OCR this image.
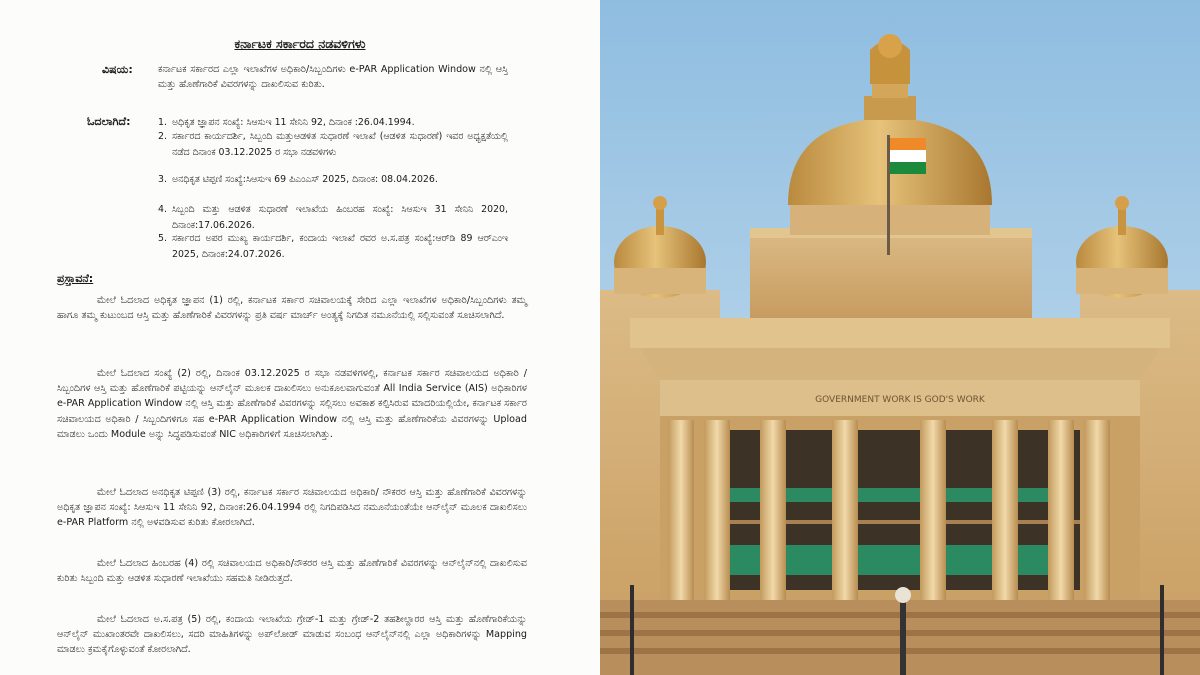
ಕರ್ನಾಟಕ ಸರ್ಕಾರದ ನಡವಳಿಗಳು
ವಿಷಯ:	ಕರ್ನಾಟಕ ಸರ್ಕಾರದ ಎಲ್ಲಾ ಇಲಾಖೆಗಳ ಅಧಿಕಾರಿ/ಸಿಬ್ಬಂದಿಗಳು e-PAR Application Window ನಲ್ಲಿ ಆಸ್ತಿ ಮತ್ತು ಹೊಣೆಗಾರಿಕೆ ವಿವರಗಳನ್ನು ದಾಖಲಿಸುವ ಕುರಿತು.
ಓದಲಾಗಿದೆ:	1. ಅಧಿಕೃತ ಜ್ಞಾಪನ ಸಂಖ್ಯೆ: ಸಿಆಸುಇ 11 ಸೇನಿನಿ 92, ದಿನಾಂಕ :26.04.1994.
2. ಸರ್ಕಾರದ ಕಾರ್ಯದರ್ಶಿ, ಸಿಬ್ಬಂದಿ ಮತ್ತುಆಡಳಿತ ಸುಧಾರಣೆ ಇಲಾಖೆ (ಆಡಳಿತ ಸುಧಾರಣೆ) ಇವರ ಅಧ್ಯಕ್ಷತೆಯಲ್ಲಿ ನಡೆದ ದಿನಾಂಕ 03.12.2025 ರ ಸಭಾ ನಡವಳಿಗಳು
3. ಅನಧಿಕೃತ ಟಿಪ್ಪಣಿ ಸಂಖ್ಯೆ:ಸಿಆಸುಇ 69 ಪಿಎಂಎಸ್ 2025, ದಿನಾಂಕ: 08.04.2026.
4. ಸಿಬ್ಬಂದಿ ಮತ್ತು ಆಡಳಿತ ಸುಧಾರಣೆ ಇಲಾಖೆಯ ಹಿಂಬರಹ ಸಂಖ್ಯೆ: ಸಿಆಸುಇ 31 ಸೇನಿನಿ 2020, ದಿನಾಂಕ:17.06.2026.
5. ಸರ್ಕಾರದ ಅಪರ ಮುಖ್ಯ ಕಾರ್ಯದರ್ಶಿ, ಕಂದಾಯ ಇಲಾಖೆ ರವರ ಅ.ಸ.ಪತ್ರ ಸಂಖ್ಯೆ:ಆರ್‌ಡಿ 89 ಆರ್‌ಎಂಇ 2025, ದಿನಾಂಕ:24.07.2026.
ಪ್ರಸ್ತಾವನೆ:
ಮೇಲೆ ಓದಲಾದ ಅಧಿಕೃತ ಜ್ಞಾಪನ (1) ರಲ್ಲಿ, ಕರ್ನಾಟಕ ಸರ್ಕಾರ ಸಚಿವಾಲಯಕ್ಕೆ ಸೇರಿದ ಎಲ್ಲಾ ಇಲಾಖೆಗಳ ಅಧಿಕಾರಿ/ಸಿಬ್ಬಂದಿಗಳು ತಮ್ಮ ಹಾಗೂ ತಮ್ಮ ಕುಟುಂಬದ ಆಸ್ತಿ ಮತ್ತು ಹೊಣೆಗಾರಿಕೆ ವಿವರಗಳನ್ನು ಪ್ರತಿ ವರ್ಷ ಮಾರ್ಚ್ ಅಂತ್ಯಕ್ಕೆ ನಿಗದಿತ ನಮೂನೆಯಲ್ಲಿ ಸಲ್ಲಿಸುವಂತೆ ಸೂಚಿಸಲಾಗಿದೆ.
ಮೇಲೆ ಓದಲಾದ ಸಂಖ್ಯೆ (2) ರಲ್ಲಿ, ದಿನಾಂಕ 03.12.2025 ರ ಸಭಾ ನಡವಳಿಗಳಲ್ಲಿ, ಕರ್ನಾಟಕ ಸರ್ಕಾರ ಸಚಿವಾಲಯದ ಅಧಿಕಾರಿ / ಸಿಬ್ಬಂದಿಗಳ ಆಸ್ತಿ ಮತ್ತು ಹೊಣೆಗಾರಿಕೆ ಪಟ್ಟಿಯನ್ನು ಆನ್‌ಲೈನ್ ಮೂಲಕ ದಾಖಲಿಸಲು ಅನುಕೂಲವಾಗುವಂತೆ All India Service (AIS) ಅಧಿಕಾರಿಗಳ e-PAR Application Window ನಲ್ಲಿ ಆಸ್ತಿ ಮತ್ತು ಹೊಣೆಗಾರಿಕೆ ವಿವರಗಳನ್ನು ಸಲ್ಲಿಸಲು ಅವಕಾಶ ಕಲ್ಪಿಸಿರುವ ಮಾದರಿಯಲ್ಲಿಯೇ, ಕರ್ನಾಟಕ ಸರ್ಕಾರ ಸಚಿವಾಲಯದ ಅಧಿಕಾರಿ / ಸಿಬ್ಬಂದಿಗಳಿಗೂ ಸಹ e-PAR Application Window ನಲ್ಲಿ ಆಸ್ತಿ ಮತ್ತು ಹೊಣೆಗಾರಿಕೆಯ ವಿವರಗಳನ್ನು Upload ಮಾಡಲು ಒಂದು Module ಅನ್ನು ಸಿದ್ಧಪಡಿಸುವಂತೆ NIC ಅಧಿಕಾರಿಗಳಿಗೆ ಸೂಚಿಸಲಾಗಿತ್ತು.
ಮೇಲೆ ಓದಲಾದ ಅನಧಿಕೃತ ಟಿಪ್ಪಣಿ (3) ರಲ್ಲಿ, ಕರ್ನಾಟಕ ಸರ್ಕಾರ ಸಚಿವಾಲಯದ ಅಧಿಕಾರಿ/ ನೌಕರರ ಆಸ್ತಿ ಮತ್ತು ಹೊಣೆಗಾರಿಕೆ ವಿವರಗಳನ್ನು ಅಧಿಕೃತ ಜ್ಞಾಪನ ಸಂಖ್ಯೆ: ಸಿಆಸುಇ 11 ಸೇನಿನಿ 92, ದಿನಾಂಕ:26.04.1994 ರಲ್ಲಿ ನಿಗದಿಪಡಿಸಿದ ನಮೂನೆಯಂತೆಯೇ ಆನ್‌ಲೈನ್ ಮೂಲಕ ದಾಖಲಿಸಲು e-PAR Platform ನಲ್ಲಿ ಅಳವಡಿಸುವ ಕುರಿತು ಕೋರಲಾಗಿದೆ.
ಮೇಲೆ ಓದಲಾದ ಹಿಂಬರಹ (4) ರಲ್ಲಿ ಸಚಿವಾಲಯದ ಅಧಿಕಾರಿ/ನೌಕರರ ಆಸ್ತಿ ಮತ್ತು ಹೊಣೆಗಾರಿಕೆ ವಿವರಗಳನ್ನು ಆನ್‌ಲೈನ್‌ನಲ್ಲಿ ದಾಖಲಿಸುವ ಕುರಿತು ಸಿಬ್ಬಂದಿ ಮತ್ತು ಆಡಳಿತ ಸುಧಾರಣೆ ಇಲಾಖೆಯು ಸಹಮತಿ ನೀಡಿರುತ್ತದೆ.
ಮೇಲೆ ಓದಲಾದ ಅ.ಸ.ಪತ್ರ (5) ರಲ್ಲಿ, ಕಂದಾಯ ಇಲಾಖೆಯ ಗ್ರೇಡ್-1 ಮತ್ತು ಗ್ರೇಡ್-2 ತಹಶೀಲ್ದಾರರ ಆಸ್ತಿ ಮತ್ತು ಹೊಣೆಗಾರಿಕೆಯನ್ನು ಆನ್‌ಲೈನ್ ಮುಖಾಂತರವೇ ದಾಖಲಿಸಲು, ಸದರಿ ಮಾಹಿತಿಗಳನ್ನು ಅಪ್‌ಲೋಡ್ ಮಾಡುವ ಸಂಬಂಧ ಆನ್‌ಲೈನ್‌ನಲ್ಲಿ ಎಲ್ಲಾ ಅಧಿಕಾರಿಗಳನ್ನು Mapping ಮಾಡಲು ಕ್ರಮಕೈಗೊಳ್ಳುವಂತೆ ಕೋರಲಾಗಿದೆ.
GOVERNMENT WORK IS GOD'S WORK
